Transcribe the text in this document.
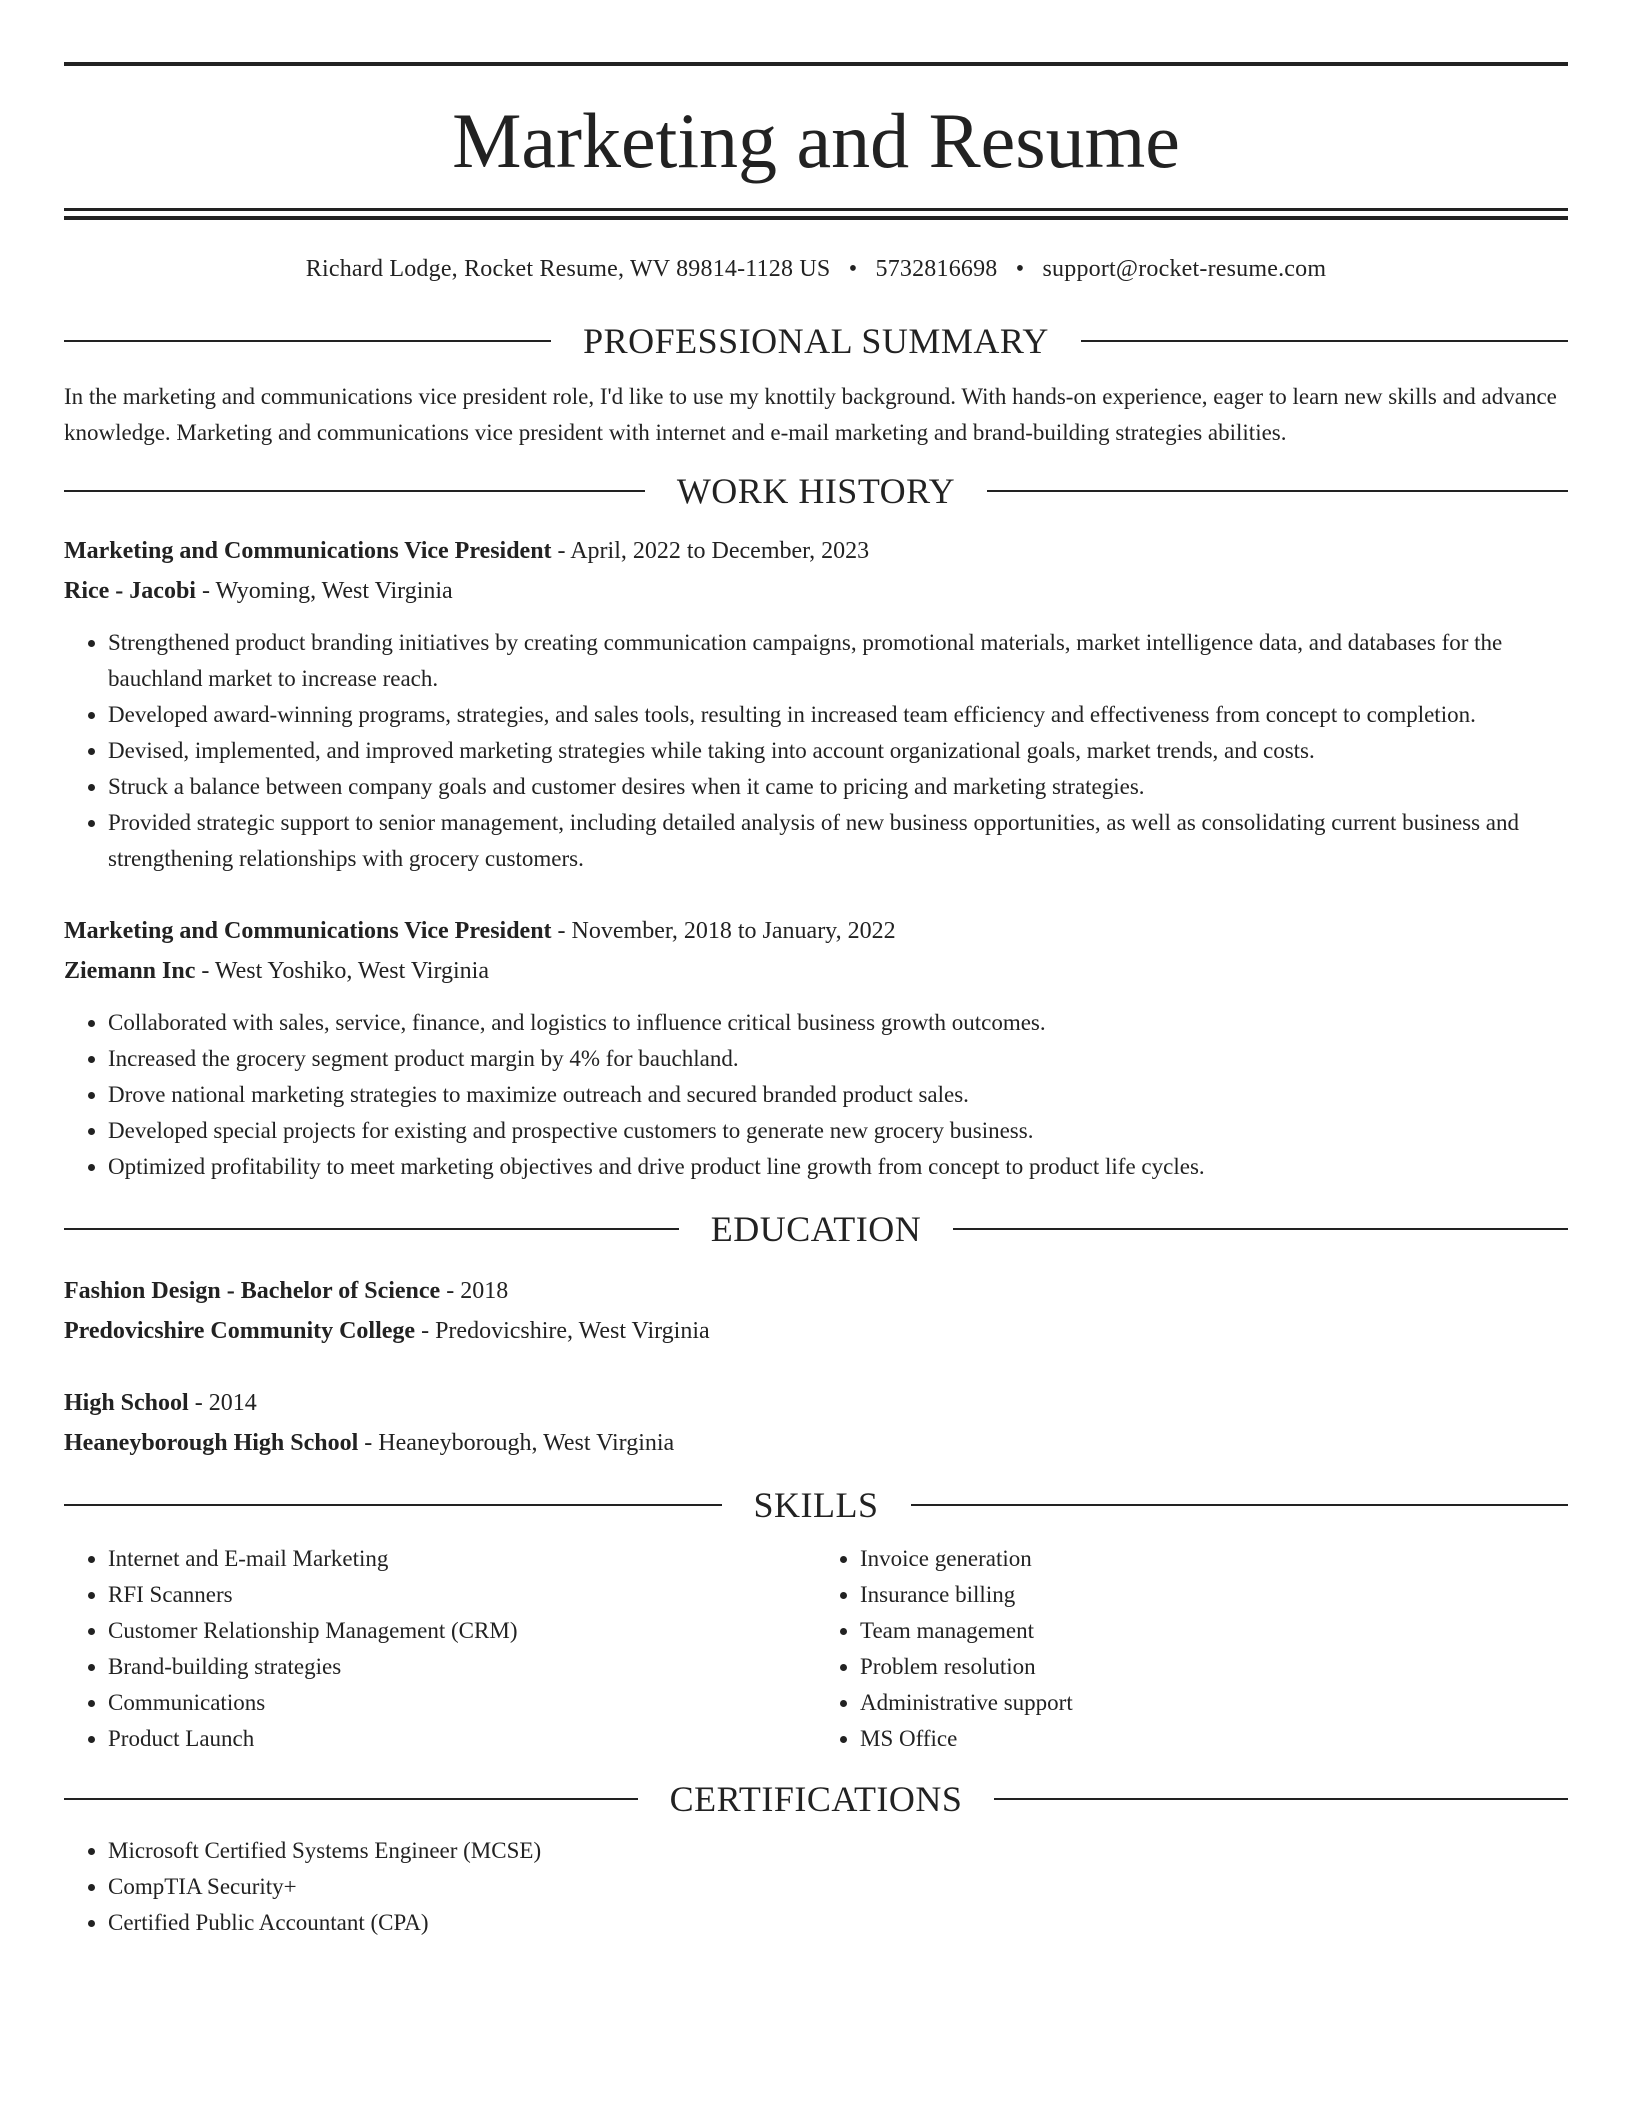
Marketing and Resume
Richard Lodge, Rocket Resume, WV 89814-1128 US • 5732816698 • support@rocket-resume.com
PROFESSIONAL SUMMARY
In the marketing and communications vice president role, I'd like to use my knottily background. With hands-on experience, eager to learn new skills and advance knowledge. Marketing and communications vice president with internet and e-mail marketing and brand-building strategies abilities.
WORK HISTORY
Marketing and Communications Vice President - April, 2022 to December, 2023
Rice - Jacobi - Wyoming, West Virginia
• Strengthened product branding initiatives by creating communication campaigns, promotional materials, market intelligence data, and databases for the bauchland market to increase reach.
• Developed award-winning programs, strategies, and sales tools, resulting in increased team efficiency and effectiveness from concept to completion.
• Devised, implemented, and improved marketing strategies while taking into account organizational goals, market trends, and costs.
• Struck a balance between company goals and customer desires when it came to pricing and marketing strategies.
• Provided strategic support to senior management, including detailed analysis of new business opportunities, as well as consolidating current business and strengthening relationships with grocery customers.
Marketing and Communications Vice President - November, 2018 to January, 2022
Ziemann Inc - West Yoshiko, West Virginia
• Collaborated with sales, service, finance, and logistics to influence critical business growth outcomes.
• Increased the grocery segment product margin by 4% for bauchland.
• Drove national marketing strategies to maximize outreach and secured branded product sales.
• Developed special projects for existing and prospective customers to generate new grocery business.
• Optimized profitability to meet marketing objectives and drive product line growth from concept to product life cycles.
EDUCATION
Fashion Design - Bachelor of Science - 2018
Predovicshire Community College - Predovicshire, West Virginia
High School - 2014
Heaneyborough High School - Heaneyborough, West Virginia
SKILLS
• Internet and E-mail Marketing
• RFI Scanners
• Customer Relationship Management (CRM)
• Brand-building strategies
• Communications
• Product Launch
• Invoice generation
• Insurance billing
• Team management
• Problem resolution
• Administrative support
• MS Office
CERTIFICATIONS
• Microsoft Certified Systems Engineer (MCSE)
• CompTIA Security+
• Certified Public Accountant (CPA)
